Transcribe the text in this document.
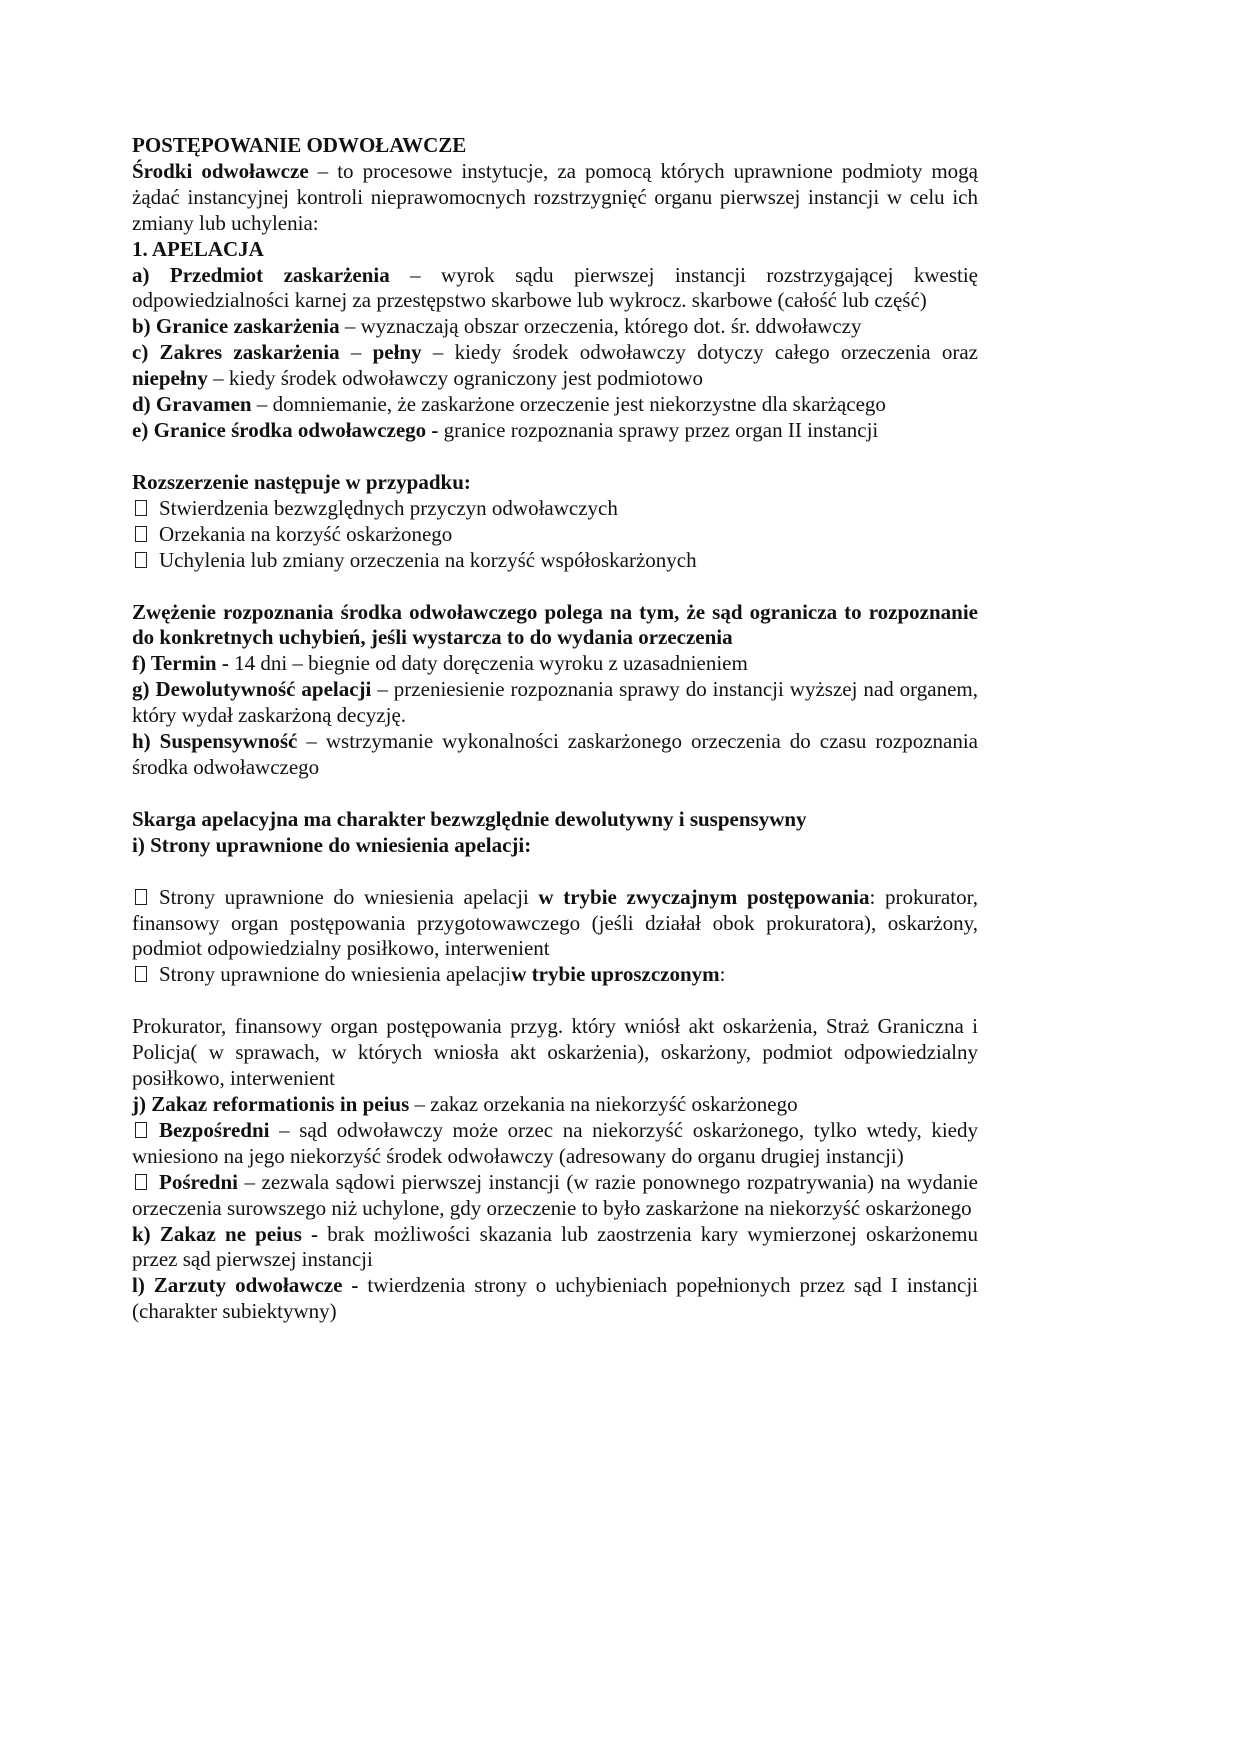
POSTĘPOWANIE ODWOŁAWCZE

Środki odwoławcze – to procesowe instytucje, za pomocą których uprawnione podmioty mogą żądać instancyjnej kontroli nieprawomocnych rozstrzygnięć organu pierwszej instancji w celu ich zmiany lub uchylenia:

1. APELACJA

a) Przedmiot zaskarżenia – wyrok sądu pierwszej instancji rozstrzygającej kwestię odpowiedzialności karnej za przestępstwo skarbowe lub wykrocz. skarbowe (całość lub część)

b) Granice zaskarżenia – wyznaczają obszar orzeczenia, którego dot. śr. ddwoławczy

c) Zakres zaskarżenia – pełny – kiedy środek odwoławczy dotyczy całego orzeczenia oraz niepełny – kiedy środek odwoławczy ograniczony jest podmiotowo

d) Gravamen – domniemanie, że zaskarżone orzeczenie jest niekorzystne dla skarżącego

e) Granice środka odwoławczego - granice rozpoznania sprawy przez organ II instancji

Rozszerzenie następuje w przypadku:

Stwierdzenia bezwzględnych przyczyn odwoławczych

Orzekania na korzyść oskarżonego

Uchylenia lub zmiany orzeczenia na korzyść współoskarżonych

Zwężenie rozpoznania środka odwoławczego polega na tym, że sąd ogranicza to rozpoznanie do konkretnych uchybień, jeśli wystarcza to do wydania orzeczenia

f) Termin - 14 dni – biegnie od daty doręczenia wyroku z uzasadnieniem

g) Dewolutywność apelacji – przeniesienie rozpoznania sprawy do instancji wyższej nad organem, który wydał zaskarżoną decyzję.

h) Suspensywność – wstrzymanie wykonalności zaskarżonego orzeczenia do czasu rozpoznania środka odwoławczego

Skarga apelacyjna ma charakter bezwzględnie dewolutywny i suspensywny

i) Strony uprawnione do wniesienia apelacji:

Strony uprawnione do wniesienia apelacji w trybie zwyczajnym postępowania: prokurator, finansowy organ postępowania przygotowawczego (jeśli działał obok prokuratora), oskarżony, podmiot odpowiedzialny posiłkowo, interwenient

Strony uprawnione do wniesienia apelacjiw trybie uproszczonym:

Prokurator, finansowy organ postępowania przyg. który wniósł akt oskarżenia, Straż Graniczna i Policja( w sprawach, w których wniosła akt oskarżenia), oskarżony, podmiot odpowiedzialny posiłkowo, interwenient

j) Zakaz reformationis in peius – zakaz orzekania na niekorzyść oskarżonego

Bezpośredni – sąd odwoławczy może orzec na niekorzyść oskarżonego, tylko wtedy, kiedy wniesiono na jego niekorzyść środek odwoławczy (adresowany do organu drugiej instancji)

Pośredni – zezwala sądowi pierwszej instancji (w razie ponownego rozpatrywania) na wydanie orzeczenia surowszego niż uchylone, gdy orzeczenie to było zaskarżone na niekorzyść oskarżonego

k) Zakaz ne peius - brak możliwości skazania lub zaostrzenia kary wymierzonej oskarżonemu przez sąd pierwszej instancji

l) Zarzuty odwoławcze - twierdzenia strony o uchybieniach popełnionych przez sąd I instancji (charakter subiektywny)
